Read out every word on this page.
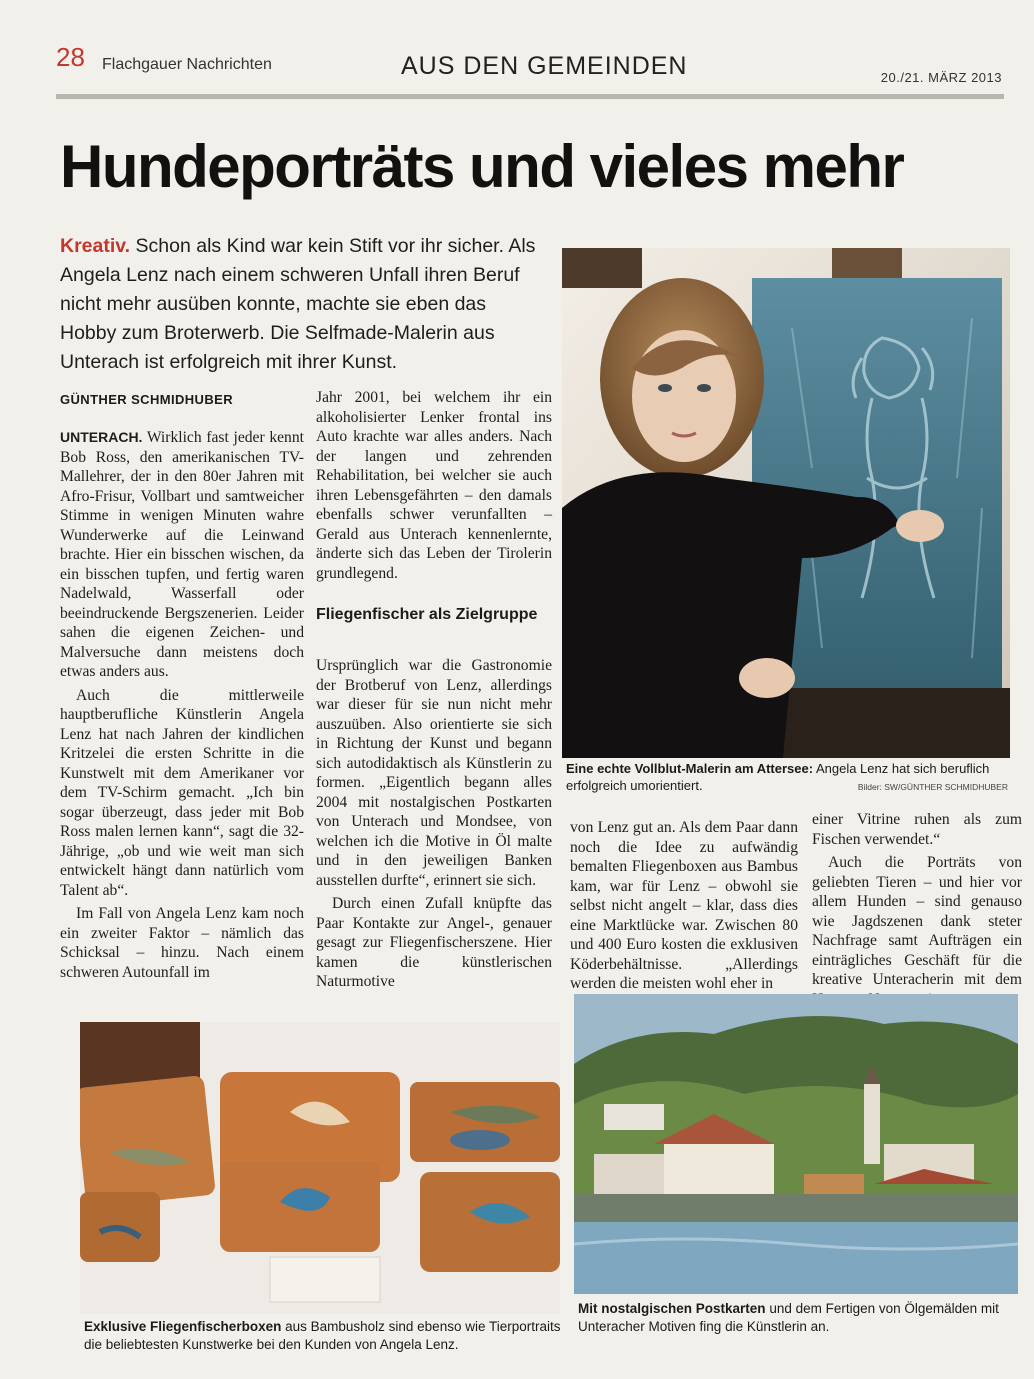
28 Flachgauer Nachrichten	AUS DEN GEMEINDEN	20./21. MÄRZ 2013
Hundeporträts und vieles mehr
Kreativ. Schon als Kind war kein Stift vor ihr sicher. Als Angela Lenz nach einem schweren Unfall ihren Beruf nicht mehr ausüben konnte, machte sie eben das Hobby zum Broterwerb. Die Selfmade-Malerin aus Unterach ist erfolgreich mit ihrer Kunst.
GÜNTHER SCHMIDHUBER

UNTERACH. Wirklich fast jeder kennt Bob Ross, den amerikanischen TV-Mallehrer, der in den 80er Jahren mit Afro-Frisur, Vollbart und samtweicher Stimme in wenigen Minuten wahre Wunderwerke auf die Leinwand brachte. Hier ein bisschen wischen, da ein bisschen tupfen, und fertig waren Nadelwald, Wasserfall oder beeindruckende Bergszenerien. Leider sahen die eigenen Zeichen- und Malversuche dann meistens doch etwas anders aus.

Auch die mittlerweile hauptberufliche Künstlerin Angela Lenz hat nach Jahren der kindlichen Kritzelei die ersten Schritte in die Kunstwelt mit dem Amerikaner vor dem TV-Schirm gemacht. „Ich bin sogar überzeugt, dass jeder mit Bob Ross malen lernen kann“, sagt die 32-Jährige, „ob und wie weit man sich entwickelt hängt dann natürlich vom Talent ab“.

Im Fall von Angela Lenz kam noch ein zweiter Faktor – nämlich das Schicksal – hinzu. Nach einem schweren Autounfall im

Jahr 2001, bei welchem ihr ein alkoholisierter Lenker frontal ins Auto krachte war alles anders. Nach der langen und zehrenden Rehabilitation, bei welcher sie auch ihren Lebensgefährten – den damals ebenfalls schwer verunfallten – Gerald aus Unterach kennenlernte, änderte sich das Leben der Tirolerin grundlegend.

Fliegenfischer als Zielgruppe

Ursprünglich war die Gastronomie der Brotberuf von Lenz, allerdings war dieser für sie nun nicht mehr auszuüben. Also orientierte sie sich in Richtung der Kunst und begann sich autodidaktisch als Künstlerin zu formen. „Eigentlich begann alles 2004 mit nostalgischen Postkarten von Unterach und Mondsee, von welchen ich die Motive in Öl malte und in den jeweiligen Banken ausstellen durfte“, erinnert sie sich.

Durch einen Zufall knüpfte das Paar Kontakte zur Angel-, genauer gesagt zur Fliegenfischerszene. Hier kamen die künstlerischen Naturmotive

von Lenz gut an. Als dem Paar dann noch die Idee zu aufwändig bemalten Fliegenboxen aus Bambus kam, war für Lenz – obwohl sie selbst nicht angelt – klar, dass dies eine Marktlücke war. Zwischen 80 und 400 Euro kosten die exklusiven Köderbehältnisse. „Allerdings werden die meisten wohl eher in

einer Vitrine ruhen als zum Fischen verwendet.“

Auch die Porträts von geliebten Tieren – und hier vor allem Hunden – sind genauso wie Jagdszenen dank steter Nachfrage samt Aufträgen ein einträgliches Geschäft für die kreative Unteracherin mit dem

Eine echte Vollblut-Malerin am Attersee: Angela Lenz hat sich beruflich erfolgreich umorientiert.	Bilder: SW/GÜNTHER SCHMIDHUBER
Exklusive Fliegenfischerboxen aus Bambusholz sind ebenso wie Tierportraits die beliebtesten Kunstwerke bei den Kunden von Angela Lenz.
Mit nostalgischen Postkarten und dem Fertigen von Ölgemälden mit Unteracher Motiven fing die Künstlerin an.
